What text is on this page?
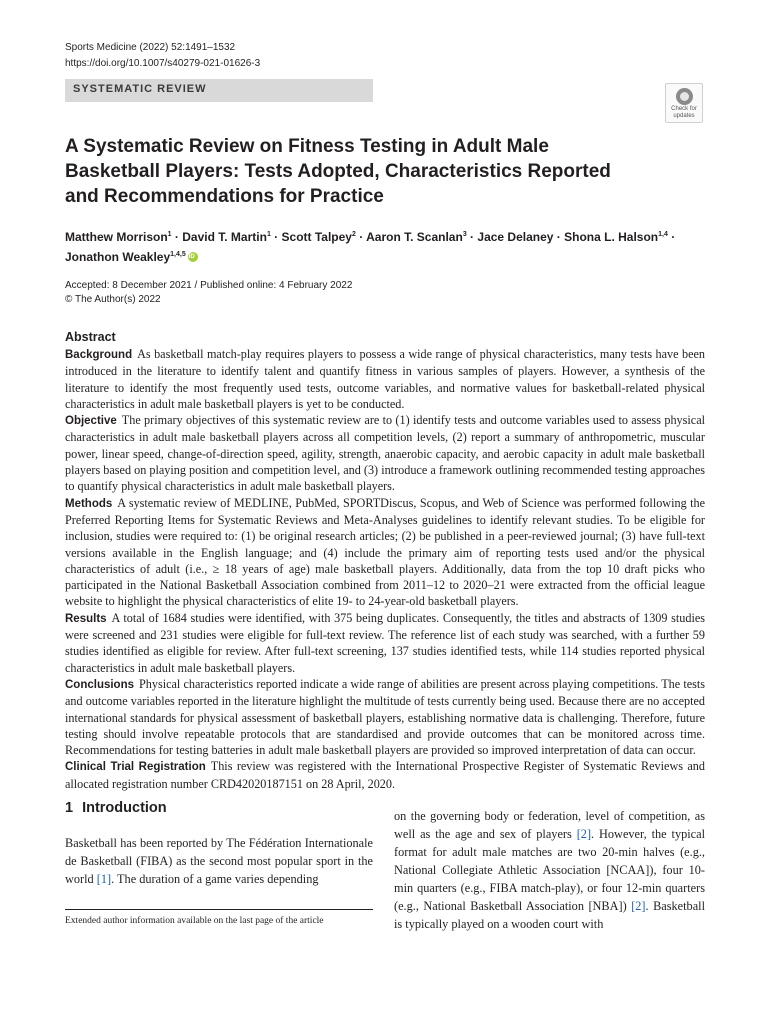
Sports Medicine (2022) 52:1491–1532
https://doi.org/10.1007/s40279-021-01626-3
SYSTEMATIC REVIEW
Check for
updates
A Systematic Review on Fitness Testing in Adult Male
Basketball Players: Tests Adopted, Characteristics Reported
and Recommendations for Practice
Matthew Morrison$^1$ · David T. Martin$^1$ · Scott Talpey$^2$ · Aaron T. Scanlan$^3$ · Jace Delaney · Shona L. Halson$^{1,4}$ ·
Jonathon Weakley$^{1,4,5}$iD
Accepted: 8 December 2021 / Published online: 4 February 2022
© The Author(s) 2022
Abstract
Background As basketball match-play requires players to possess a wide range of physical characteristics, many tests have been introduced in the literature to identify talent and quantify fitness in various samples of players. However, a synthesis of the literature to identify the most frequently used tests, outcome variables, and normative values for basketball-related physical characteristics in adult male basketball players is yet to be conducted.
Objective The primary objectives of this systematic review are to (1) identify tests and outcome variables used to assess physical characteristics in adult male basketball players across all competition levels, (2) report a summary of anthropometric, muscular power, linear speed, change-of-direction speed, agility, strength, anaerobic capacity, and aerobic capacity in adult male basketball players based on playing position and competition level, and (3) introduce a framework outlining recommended testing approaches to quantify physical characteristics in adult male basketball players.
Methods A systematic review of MEDLINE, PubMed, SPORTDiscus, Scopus, and Web of Science was performed following the Preferred Reporting Items for Systematic Reviews and Meta-Analyses guidelines to identify relevant studies. To be eligible for inclusion, studies were required to: (1) be original research articles; (2) be published in a peer-reviewed journal; (3) have full-text versions available in the English language; and (4) include the primary aim of reporting tests used and/or the physical characteristics of adult (i.e., ≥ 18 years of age) male basketball players. Additionally, data from the top 10 draft picks who participated in the National Basketball Association combined from 2011–12 to 2020–21 were extracted from the official league website to highlight the physical characteristics of elite 19- to 24-year-old basketball players.
Results A total of 1684 studies were identified, with 375 being duplicates. Consequently, the titles and abstracts of 1309 studies were screened and 231 studies were eligible for full-text review. The reference list of each study was searched, with a further 59 studies identified as eligible for review. After full-text screening, 137 studies identified tests, while 114 studies reported physical characteristics in adult male basketball players.
Conclusions Physical characteristics reported indicate a wide range of abilities are present across playing competitions. The tests and outcome variables reported in the literature highlight the multitude of tests currently being used. Because there are no accepted international standards for physical assessment of basketball players, establishing normative data is challenging. Therefore, future testing should involve repeatable protocols that are standardised and provide outcomes that can be monitored across time. Recommendations for testing batteries in adult male basketball players are provided so improved interpretation of data can occur.
Clinical Trial Registration This review was registered with the International Prospective Register of Systematic Reviews and allocated registration number CRD42020187151 on 28 April, 2020.
1 Introduction
Basketball has been reported by The Fédération Internationale de Basketball (FIBA) as the second most popular sport in the world [1]. The duration of a game varies depending
on the governing body or federation, level of competition, as well as the age and sex of players [2]. However, the typical format for adult male matches are two 20-min halves (e.g., National Collegiate Athletic Association [NCAA]), four 10-min quarters (e.g., FIBA match-play), or four 12-min quarters (e.g., National Basketball Association [NBA]) [2]. Basketball is typically played on a wooden court with
Extended author information available on the last page of the article
